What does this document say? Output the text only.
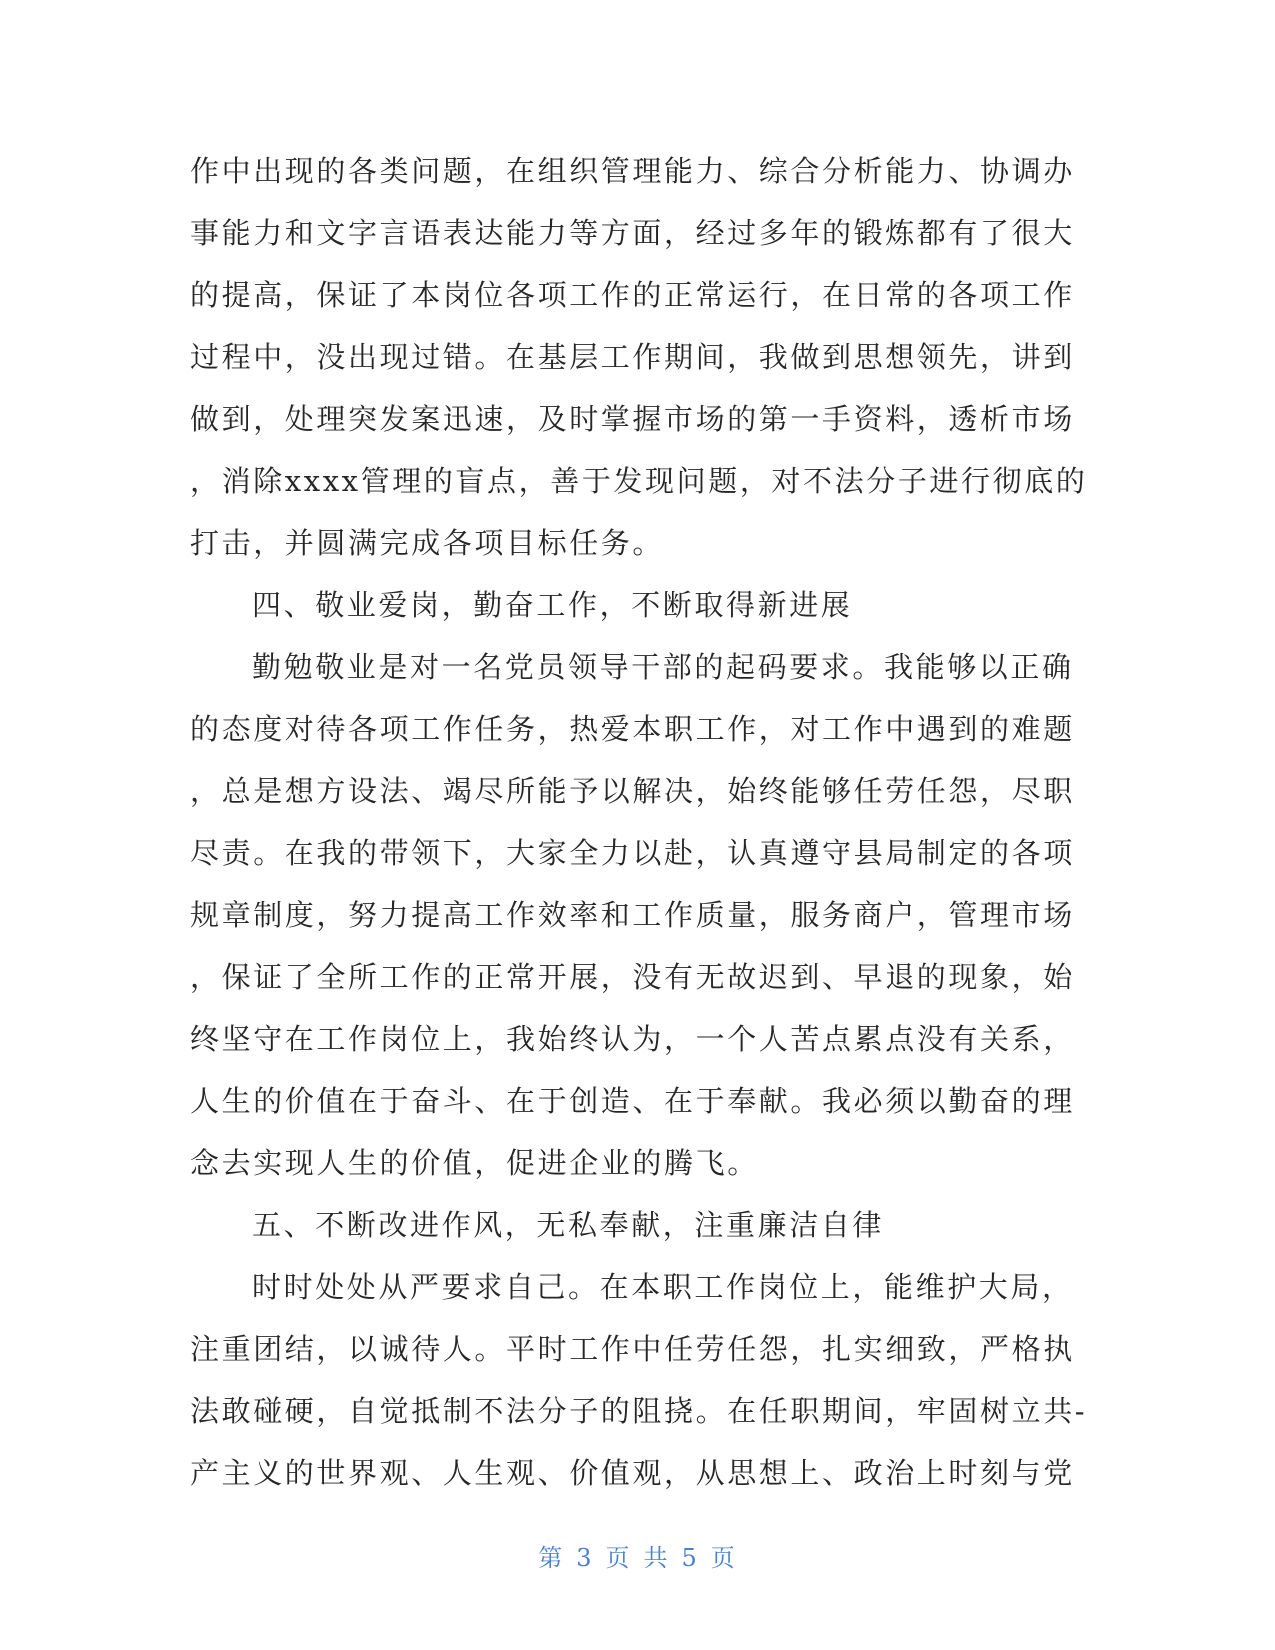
作中出现的各类问题，在组织管理能力、综合分析能力、协调办
事能力和文字言语表达能力等方面，经过多年的锻炼都有了很大
的提高，保证了本岗位各项工作的正常运行，在日常的各项工作
过程中，没出现过错。在基层工作期间，我做到思想领先，讲到
做到，处理突发案迅速，及时掌握市场的第一手资料，透析市场
，消除xxxx管理的盲点，善于发现问题，对不法分子进行彻底的
打击，并圆满完成各项目标任务。
四、敬业爱岗，勤奋工作，不断取得新进展
勤勉敬业是对一名党员领导干部的起码要求。我能够以正确
的态度对待各项工作任务，热爱本职工作，对工作中遇到的难题
，总是想方设法、竭尽所能予以解决，始终能够任劳任怨，尽职
尽责。在我的带领下，大家全力以赴，认真遵守县局制定的各项
规章制度，努力提高工作效率和工作质量，服务商户，管理市场
，保证了全所工作的正常开展，没有无故迟到、早退的现象，始
终坚守在工作岗位上，我始终认为，一个人苦点累点没有关系，
人生的价值在于奋斗、在于创造、在于奉献。我必须以勤奋的理
念去实现人生的价值，促进企业的腾飞。
五、不断改进作风，无私奉献，注重廉洁自律
时时处处从严要求自己。在本职工作岗位上，能维护大局，
注重团结，以诚待人。平时工作中任劳任怨，扎实细致，严格执
法敢碰硬，自觉抵制不法分子的阻挠。在任职期间，牢固树立共-
产主义的世界观、人生观、价值观，从思想上、政治上时刻与党
第 3 页 共 5 页
